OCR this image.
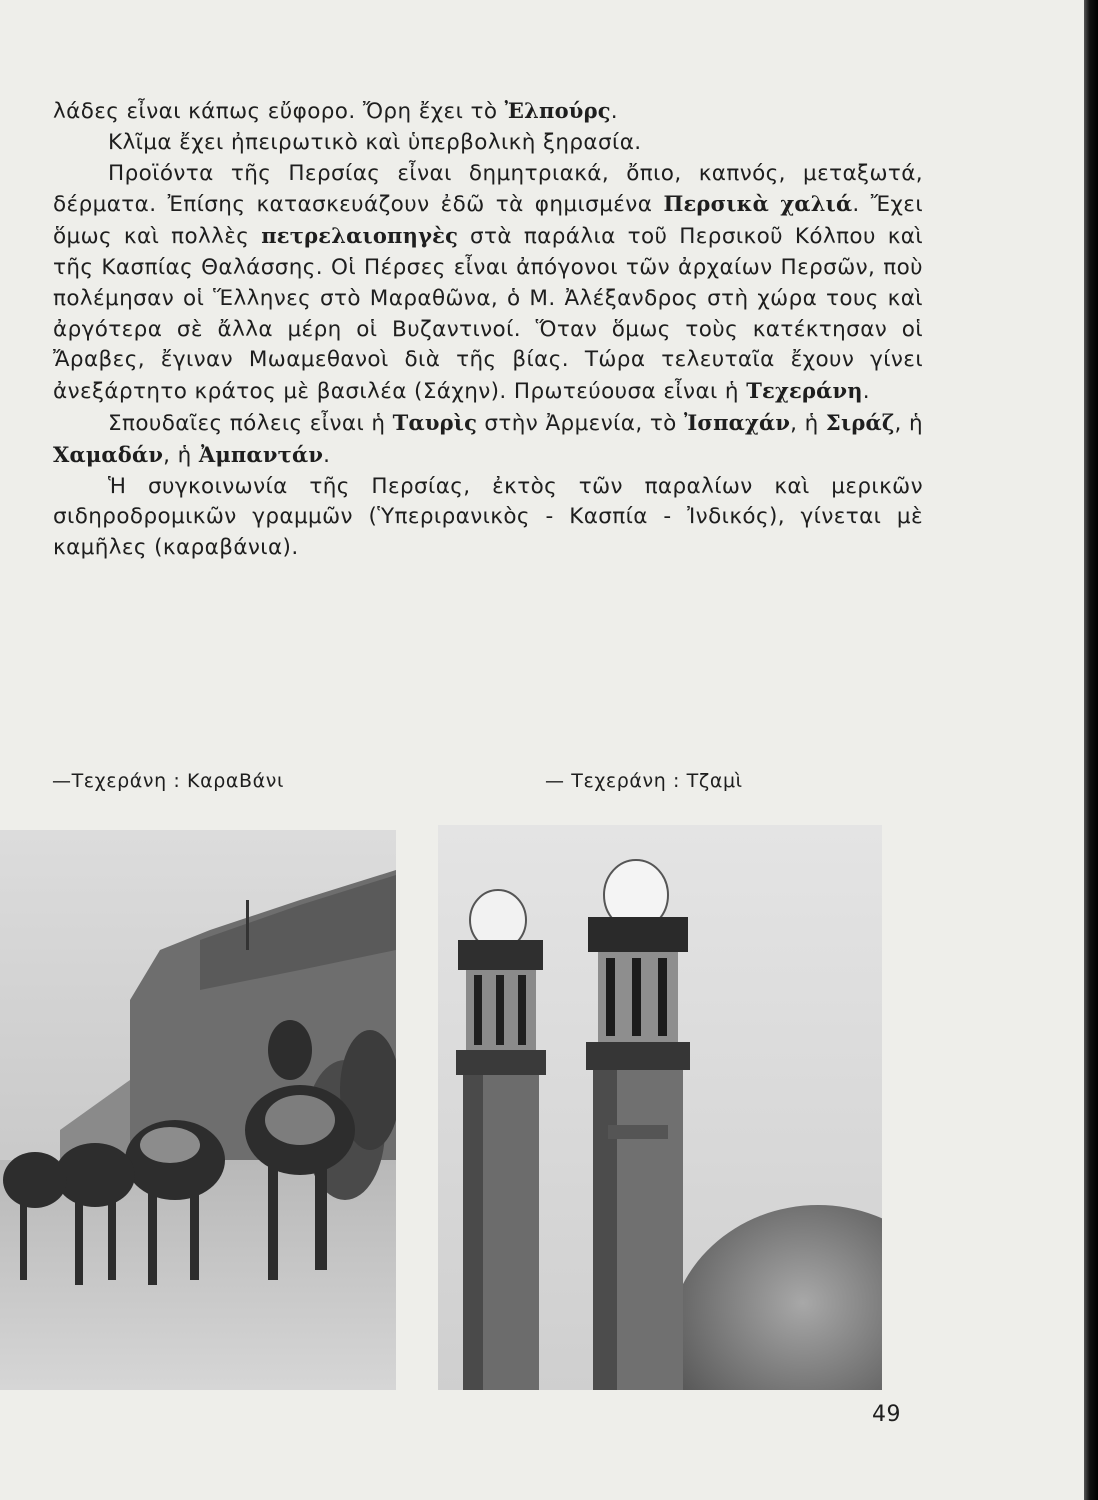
λάδες εἶναι κάπως εὔφορο. Ὄρη ἔχει τὸ Ἐλπούρς.

Κλῖμα ἔχει ἠπειρωτικὸ καὶ ὑπερβολικὴ ξηρασία.

Προϊόντα τῆς Περσίας εἶναι δημητριακά, ὄπιο, καπνός, μεταξωτά, δέρματα. Ἐπίσης κατασκευάζουν ἐδῶ τὰ φημισμένα Περσικὰ χαλιά. Ἔχει ὅμως καὶ πολλὲς πετρελαιοπηγὲς στὰ παράλια τοῦ Περσικοῦ Κόλπου καὶ τῆς Κασπίας Θαλάσσης. Οἱ Πέρσες εἶναι ἀπόγονοι τῶν ἀρχαίων Περσῶν, ποὺ πολέμησαν οἱ Ἕλληνες στὸ Μαραθῶνα, ὁ Μ. Ἀλέξανδρος στὴ χώρα τους καὶ ἀργότερα σὲ ἄλλα μέρη οἱ Βυζαντινοί. Ὅταν ὅμως τοὺς κατέκτησαν οἱ Ἄραβες, ἔγιναν Μωαμεθανοὶ διὰ τῆς βίας. Τώρα τελευταῖα ἔχουν γίνει ἀνεξάρτητο κράτος μὲ βασιλέα (Σάχην). Πρωτεύουσα εἶναι ἡ Τεχεράνη.

Σπουδαῖες πόλεις εἶναι ἡ Ταυρὶς στὴν Ἀρμενία, τὸ Ἰσπαχάν, ἡ Σιράζ, ἡ Χαμαδάν, ἡ Ἀμπαντάν.

Ἡ συγκοινωνία τῆς Περσίας, ἐκτὸς τῶν παραλίων καὶ μερικῶν σιδηροδρομικῶν γραμμῶν (Ὑπεριρανικὸς - Κασπία - Ἰνδικός), γίνεται μὲ καμῆλες (καραβάνια).

—Τεχεράνη : ΚαραΒάνι	— Τεχεράνη : Τζαμὶ
49
